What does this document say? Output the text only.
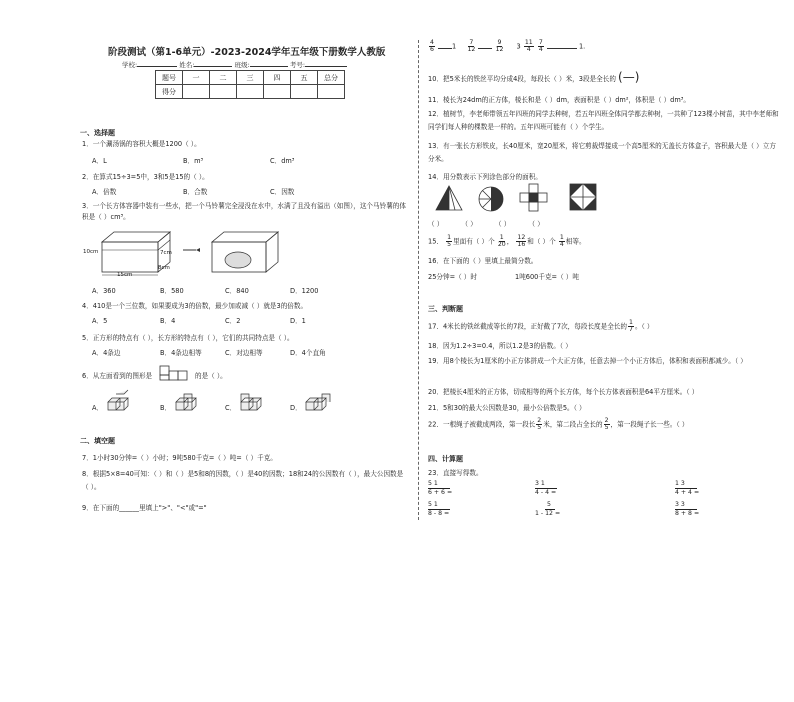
阶段测试（第1-6单元）-2023-2024学年五年级下册数学人教版
学校:	姓名:	班级:	考号:
题号	一	二	三	四	五	总分
得分						
一、选择题
1．一个涮汤锅的容积大概是1200（ ）。
A．L	B．m³	C．dm³
2．在算式15÷3=5中，3和5是15的（ ）。
A．倍数	B．合数	C．因数
3．一个长方体容器中装有一些水，把一个马铃薯完全浸没在水中，水满了且没有溢出（如图），这个马铃薯的体积是（ ）cm³。
10cm
15cm
7cm
8cm
A．360	B．580	C．840	D．1200
4．410是一个三位数，如果要成为3的倍数，最少加或减（ ）就是3的倍数。
A．5	B．4	C．2	D．1
5．正方形的特点有（ ），长方形的特点有（ ），它们的共同特点是（ ）。
A．4条边	B．4条边相等	C．对边相等	D．4个直角
6．从左面看到的图形是	的是（ ）。
A．	B．	C．	D．
二、填空题
7．1小时30分钟=（ ）小时；9吨580千克=（ ）吨=（ ）千克。
8．根据5×8=40可知：（ ）和（ ）是5和8的因数，（ ）是40的因数；18和24的公因数有（ ），最大公因数是（ ）。
9．在下面的______里填上">"、"<"或"="
$\frac{4}{6}$	$1 \frac{7}{12}$
	$\frac{9}{12} 3 \frac{11}{4}$
$\frac{7}{4}$	1.
10．把5米长的铁丝平均分成4段，每段长（ ）米，3段是全长的 (—)
11．棱长为24dm的正方体，棱长和是（ ）dm，表面积是（ ）dm²，体积是（ ）dm³。
12．植树节，李老师带领五年四班的同学去种树，若五年四班全体同学都去种树，一共种了123棵小树苗，其中李老师和同学们每人种的棵数是一样的。五年四班可能有（ ）个学生。
13．有一张长方形铁皮，长40厘米，宽20厘米，将它剪裁焊接成一个高5厘米的无盖长方体盒子，容积最大是（ ）立方分米。
14．用分数表示下列涂色部分的面积。
（ ）	（ ）	（ ）	（ ）
15． $\frac{1}{5}$ 里面有（ ）个 $\frac{1}{20}$ ， $\frac{12}{16}$ 和（ ）个 $\frac{1}{4}$ 相等。
16．在下面的（ ）里填上最简分数。
25分钟=（ ）时	1吨600千克=（ ）吨
三、判断题
17．4米长的铁丝截成等长的7段，正好截了7次，每段长度是全长的 $\frac{1}{7}$ 。（ ）
18．因为1.2÷3=0.4，所以1.2是3的倍数。（ ）
19．用8个棱长为1厘米的小正方体拼成一个大正方体，任意去掉一个小正方体后，体积和表面积都减少。（ ）
20．把棱长4厘米的正方体，切成相等的两个长方体，每个长方体表面积是64平方厘米。（ ）
21．5和30的最大公因数是30，最小公倍数是5。（ ）
22．一根绳子被截成两段，第一段长 $\frac{2}{5}$ 米，第二段占全长的 $\frac{2}{5}$ ，第一段绳子长一些。（ ）
四、计算题
23．直接写得数。
5 1
6 + 6 =
3 1
4 - 4 =
1 3
4 + 4 =
5 1
8 - 8 =
5
1 - 12 =
3 3
8 + 8 =
